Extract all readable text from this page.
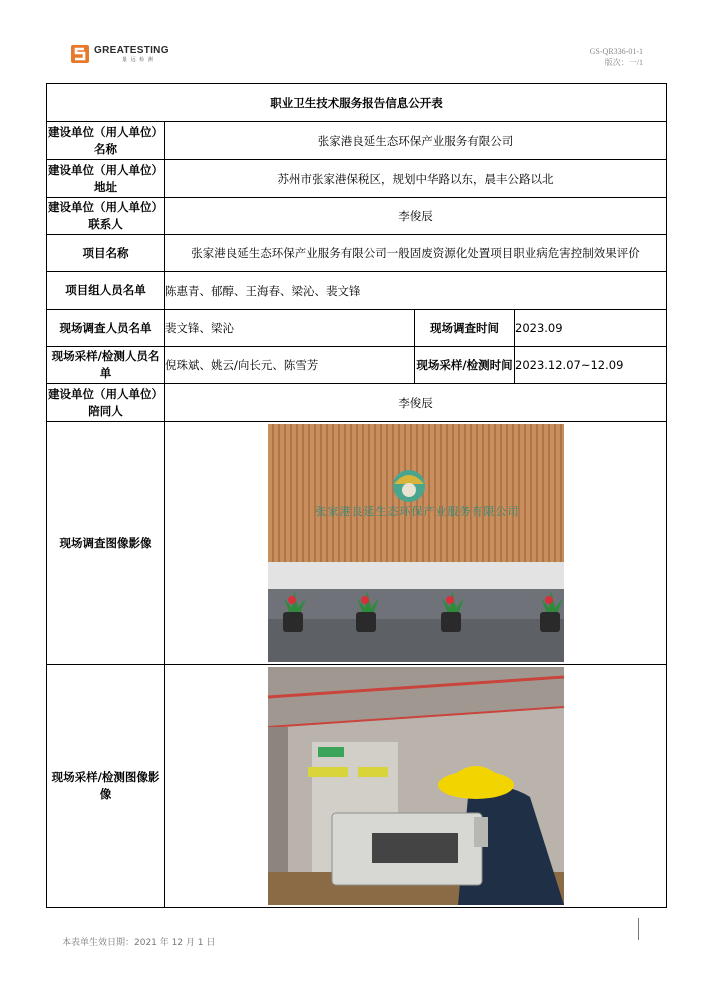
GREATESTING
量 远 检 测
GS-QR336-01-1
版次：一/1
职业卫生技术服务报告信息公开表			
建设单位（用人单位）名称	张家港良延生态环保产业服务有限公司		
建设单位（用人单位）地址	苏州市张家港保税区，规划中华路以东，晨丰公路以北		
建设单位（用人单位）联系人	李俊辰		
项目名称	张家港良延生态环保产业服务有限公司一般固废资源化处置项目职业病危害控制效果评价		
项目组人员名单	陈惠青、郁醇、王海春、梁沁、裴文锋		
现场调查人员名单	裴文锋、梁沁	现场调查时间	2023.09
现场采样/检测人员名单	倪珠斌、姚云/向长元、陈雪芳	现场采样/检测时间	2023.12.07~12.09
建设单位（用人单位）陪同人	李俊辰		
现场调查图像影像	张家港良延生态环保产业服务有限公司		

现场采样/检测图像影像	
本表单生效日期：2021 年 12 月 1 日
